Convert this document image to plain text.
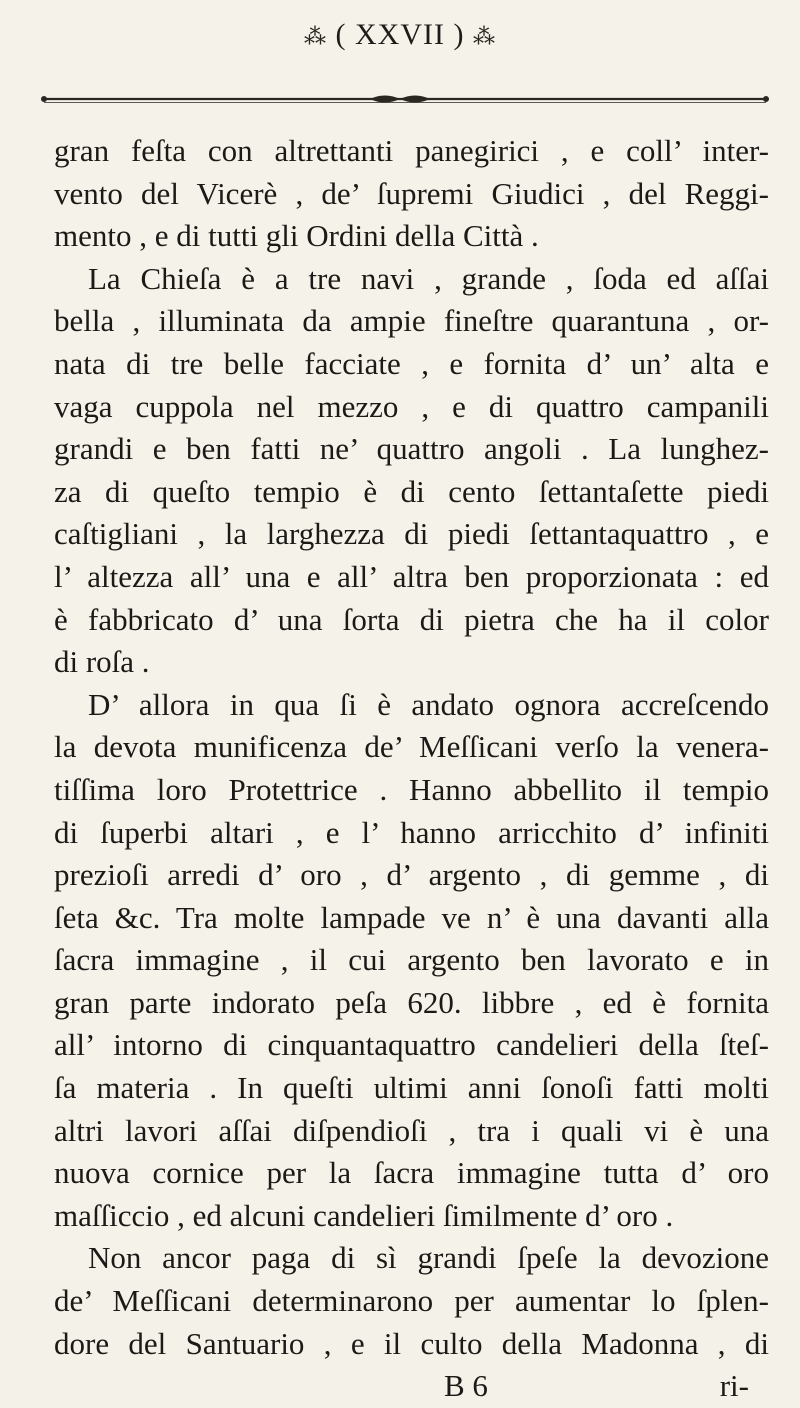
⁂ ( XXVII ) ⁂
gran feſta con altrettanti panegirici , e coll’ inter-
vento del Vicerè , de’ ſupremi Giudici , del Reggi-
mento , e di tutti gli Ordini della Città .
La Chieſa è a tre navi , grande , ſoda ed aſſai
bella , illuminata da ampie fineſtre quarantuna , or-
nata di tre belle facciate , e fornita d’ un’ alta e
vaga cuppola nel mezzo , e di quattro campanili
grandi e ben fatti ne’ quattro angoli . La lunghez-
za di queſto tempio è di cento ſettantaſette piedi
caſtigliani , la larghezza di piedi ſettantaquattro , e
l’ altezza all’ una e all’ altra ben proporzionata : ed
è fabbricato d’ una ſorta di pietra che ha il color
di roſa .
D’ allora in qua ſi è andato ognora accreſcendo
la devota munificenza de’ Meſſicani verſo la venera-
tiſſima loro Protettrice . Hanno abbellito il tempio
di ſuperbi altari , e l’ hanno arricchito d’ infiniti
prezioſi arredi d’ oro , d’ argento , di gemme , di
ſeta &c. Tra molte lampade ve n’ è una davanti alla
ſacra immagine , il cui argento ben lavorato e in
gran parte indorato peſa 620. libbre , ed è fornita
all’ intorno di cinquantaquattro candelieri della ſteſ-
ſa materia . In queſti ultimi anni ſonoſi fatti molti
altri lavori aſſai diſpendioſi , tra i quali vi è una
nuova cornice per la ſacra immagine tutta d’ oro
maſſiccio , ed alcuni candelieri ſimilmente d’ oro .
Non ancor paga di sì grandi ſpeſe la devozione
de’ Meſſicani determinarono per aumentar lo ſplen-
dore del Santuario , e il culto della Madonna , di
B 6	ri-
